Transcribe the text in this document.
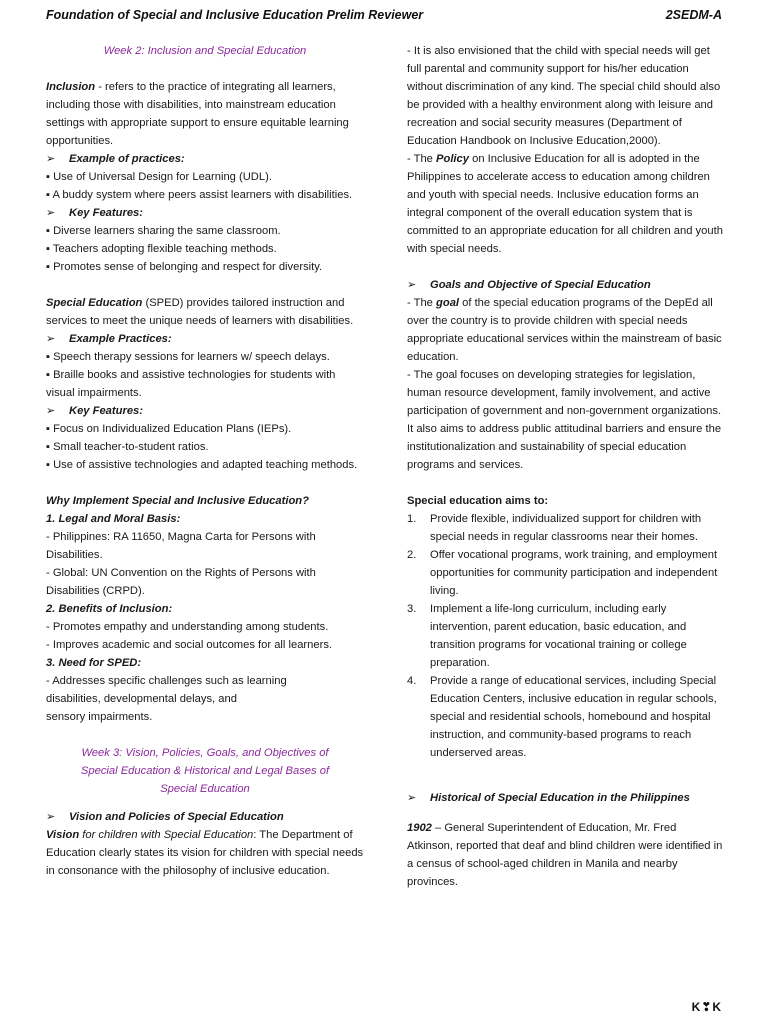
Foundation of Special and Inclusive Education Prelim Reviewer	2SEDM-A
Week 2: Inclusion and Special Education
Inclusion - refers to the practice of integrating all learners, including those with disabilities, into mainstream education settings with appropriate support to ensure equitable learning opportunities.
➢ Example of practices:
▪ Use of Universal Design for Learning (UDL).
▪ A buddy system where peers assist learners with disabilities.
➢ Key Features:
▪ Diverse learners sharing the same classroom.
▪ Teachers adopting flexible teaching methods.
▪ Promotes sense of belonging and respect for diversity.
Special Education (SPED) provides tailored instruction and services to meet the unique needs of learners with disabilities.
➢ Example Practices:
▪ Speech therapy sessions for learners w/ speech delays.
▪ Braille books and assistive technologies for students with visual impairments.
➢ Key Features:
▪ Focus on Individualized Education Plans (IEPs).
▪ Small teacher-to-student ratios.
▪ Use of assistive technologies and adapted teaching methods.
Why Implement Special and Inclusive Education?
1. Legal and Moral Basis:
- Philippines: RA 11650, Magna Carta for Persons with Disabilities.
- Global: UN Convention on the Rights of Persons with Disabilities (CRPD).
2. Benefits of Inclusion:
- Promotes empathy and understanding among students.
- Improves academic and social outcomes for all learners.
3. Need for SPED:
- Addresses specific challenges such as learning
disabilities, developmental delays, and
sensory impairments.
Week 3: Vision, Policies, Goals, and Objectives of
Special Education & Historical and Legal Bases of
Special Education
➢ Vision and Policies of Special Education
Vision for children with Special Education: The Department of Education clearly states its vision for children with special needs in consonance with the philosophy of inclusive education.
- It is also envisioned that the child with special needs will get full parental and community support for his/her education without discrimination of any kind. The special child should also be provided with a healthy environment along with leisure and recreation and social security measures (Department of Education Handbook on Inclusive Education,2000).
- The Policy on Inclusive Education for all is adopted in the Philippines to accelerate access to education among children and youth with special needs. Inclusive education forms an integral component of the overall education system that is committed to an appropriate education for all children and youth with special needs.
➢ Goals and Objective of Special Education
- The goal of the special education programs of the DepEd all over the country is to provide children with special needs appropriate educational services within the mainstream of basic education.
- The goal focuses on developing strategies for legislation, human resource development, family involvement, and active participation of government and non-government organizations. It also aims to address public attitudinal barriers and ensure the institutionalization and sustainability of special education programs and services.
Special education aims to:
1.	Provide flexible, individualized support for children with special needs in regular classrooms near their homes.
2.	Offer vocational programs, work training, and employment opportunities for community participation and independent living.
3.	Implement a life-long curriculum, including early intervention, parent education, basic education, and transition programs for vocational training or college preparation.
4.	Provide a range of educational services, including Special Education Centers, inclusive education in regular schools, special and residential schools, homebound and hospital instruction, and community-based programs to reach underserved areas.
➢ Historical of Special Education in the Philippines
1902 – General Superintendent of Education, Mr. Fred Atkinson, reported that deaf and blind children were identified in a census of school-aged children in Manila and nearby provinces.
K❣K
